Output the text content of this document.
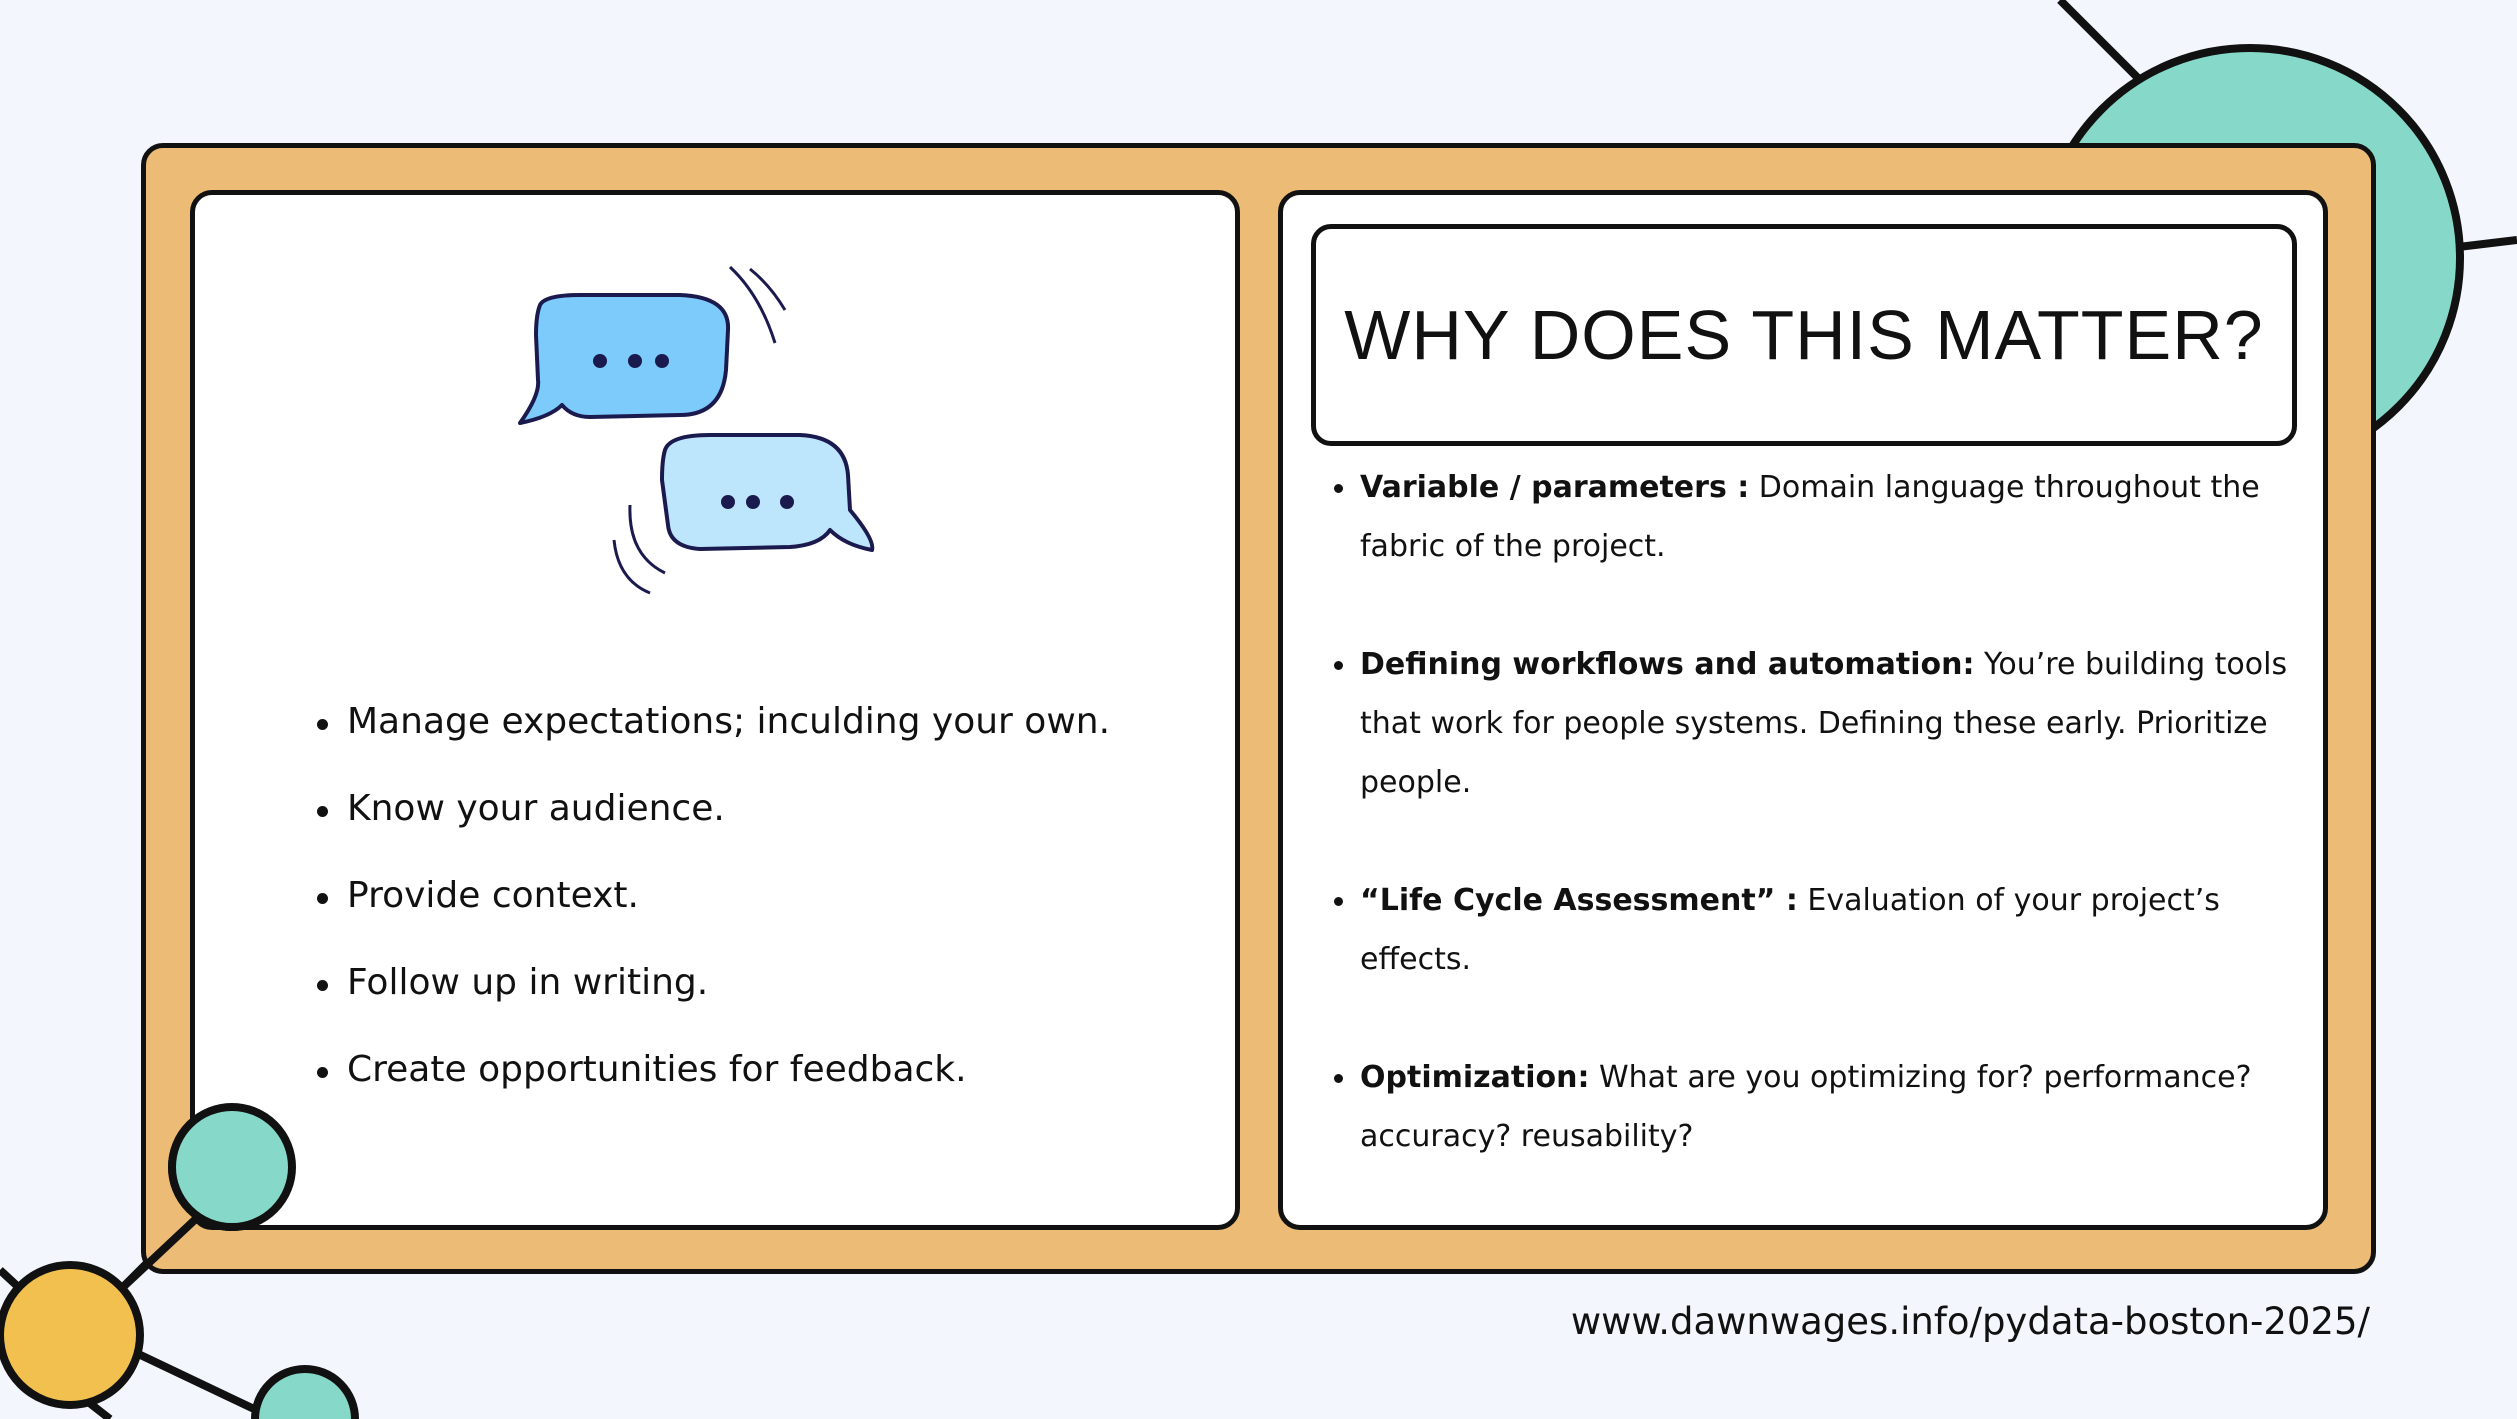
Manage expectations; inculding your own.
Know your audience.
Provide context.
Follow up in writing.
Create opportunities for feedback.
WHY DOES THIS MATTER?
Variable / parameters : Domain language throughout the fabric of the project.
Defining workflows and automation: You’re building tools that work for people systems. Defining these early. Prioritize people.
“Life Cycle Assessment” : Evaluation of your project’s effects.
Optimization: What are you optimizing for? performance? accuracy? reusability?
www.dawnwages.info/pydata-boston-2025/
